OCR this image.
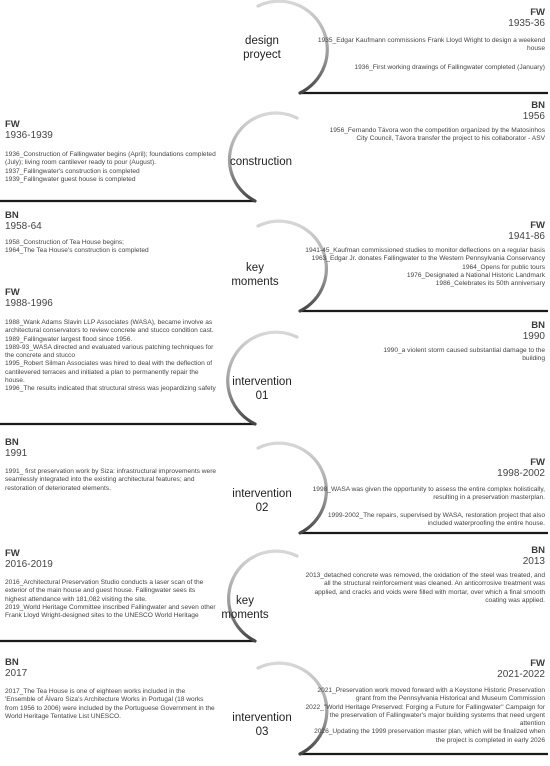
design
proyect
construction
key
moments
intervention
01
intervention
02
key
moments
intervention
03
FW
1935-36

1935_Edgar Kaufmann commissions Frank Lloyd Wright to design a weekend house

1936_First working drawings of Fallingwater completed (January)

BN
1956

1956_Fernando Távora won the competition organized by the Matosinhos City Council, Távora transfer the project to his collaborator - ASV

FW
1936-1939

1936_Construction of Fallingwater begins (April); foundations completed (July); living room cantilever ready to pour (August).

1937_Fallingwater's construction is completed

1939_Fallingwater guest house is completed

BN
1958-64

1958_Construction of Tea House begins;

1964_The Tea House's construction is completed

FW
1941-86

1941-45_Kaufman commissioned studies to monitor deflections on a regular basis

1963_Edgar Jr. donates Fallingwater to the Western Pennsylvania Conservancy

1964_Opens for public tours

1976_Designated a National Historic Landmark

1986_Celebrates its 50th anniversary

FW
1988-1996

1988_Wank Adams Slavin LLP Associates (WASA), became involve as architectural conservators to review concrete and stucco condition cast.

1989_Fallingwater largest flood since 1956.

1989-93_WASA directed and evaluated various patching techniques for the concrete and stucco

1995_Robert Silman Associates was hired to deal with the deflection of cantilevered terraces and initiated a plan to permanently repair the house.

1996_The results indicated that structural stress was jeopardizing safety

BN
1990

1990_a violent storm caused substantial damage to the building

BN
1991

1991_ first preservation work by Siza: infrastructural improvements were seamlessly integrated into the existing architectural features; and restoration of deteriorated elements.

FW
1998-2002

1998_WASA was given the opportunity to assess the entire complex holistically, resulting in a preservation masterplan.

1999-2002_The repairs, supervised by WASA, restoration project that also included waterproofing the entire house.

FW
2016-2019

2016_Architectural Preservation Studio conducts a laser scan of the exterior of the main house and guest house. Fallingwater sees its highest attendance with 181,082 visiting the site.

2019_World Heritage Committee inscribed Fallingwater and seven other Frank Lloyd Wright-designed sites to the UNESCO World Heritage

BN
2013

2013_detached concrete was removed, the oxidation of the steel was treated, and all the structural reinforcement was cleaned. An anticorrosive treatment was applied, and cracks and voids were filled with mortar, over which a final smooth coating was applied.

BN
2017

2017_The Tea House is one of eighteen works included in the 'Ensemble of Álvaro Siza's Architecture Works in Portugal (18 works from 1956 to 2006) were included by the Portuguese Government in the World Heritage Tentative List UNESCO.

FW
2021-2022

2021_Preservation work moved forward with a Keystone Historic Preservation grant from the Pennsylvania Historical and Museum Commission

2022_"World Heritage Preserved: Forging a Future for Fallingwater" Campaign for the preservation of Fallingwater's major building systems that need urgent attention

2026_Updating the 1999 preservation master plan, which will be finalized when the project is completed in early 2026
